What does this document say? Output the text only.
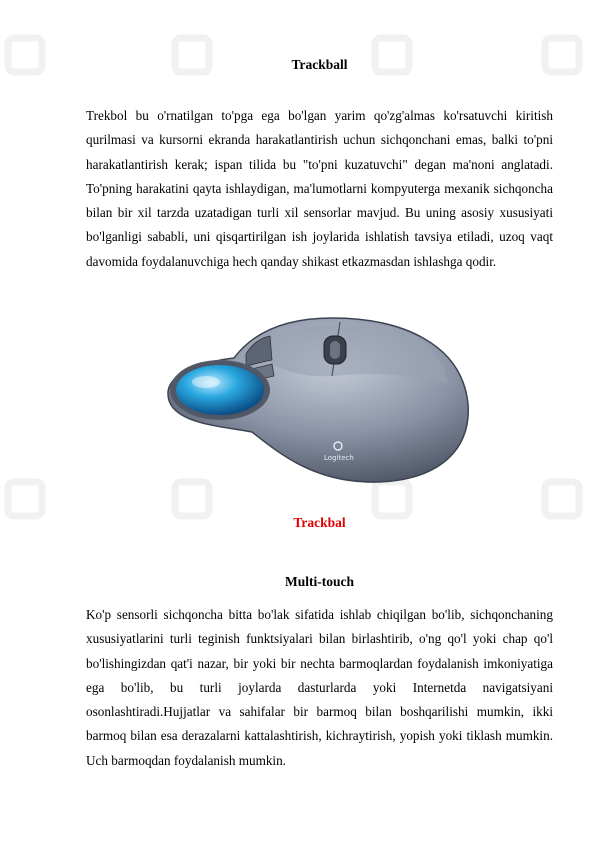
Trackball

Trekbol bu o'rnatilgan to'pga ega bo'lgan yarim qo'zg'almas ko'rsatuvchi kiritish qurilmasi va kursorni ekranda harakatlantirish uchun sichqonchani emas, balki to'pni harakatlantirish kerak; ispan tilida bu "to'pni kuzatuvchi" degan ma'noni anglatadi. To'pning harakatini qayta ishlaydigan, ma'lumotlarni kompyuterga mexanik sichqoncha bilan bir xil tarzda uzatadigan turli xil sensorlar mavjud. Bu uning asosiy xususiyati bo'lganligi sababli, uni qisqartirilgan ish joylarida ishlatish tavsiya etiladi, uzoq vaqt davomida foydalanuvchiga hech qanday shikast etkazmasdan ishlashga qodir.

Logitech
Trackbal
Multi-touch

Ko'p sensorli sichqoncha bitta bo'lak sifatida ishlab chiqilgan bo'lib, sichqonchaning xususiyatlarini turli teginish funktsiyalari bilan birlashtirib, o'ng qo'l yoki chap qo'l bo'lishingizdan qat'i nazar, bir yoki bir nechta barmoqlardan foydalanish imkoniyatiga ega bo'lib, bu turli joylarda dasturlarda yoki Internetda navigatsiyani osonlashtiradi.Hujjatlar va sahifalar bir barmoq bilan boshqarilishi mumkin, ikki barmoq bilan esa derazalarni kattalashtirish, kichraytirish, yopish yoki tiklash mumkin. Uch barmoqdan foydalanish mumkin.
